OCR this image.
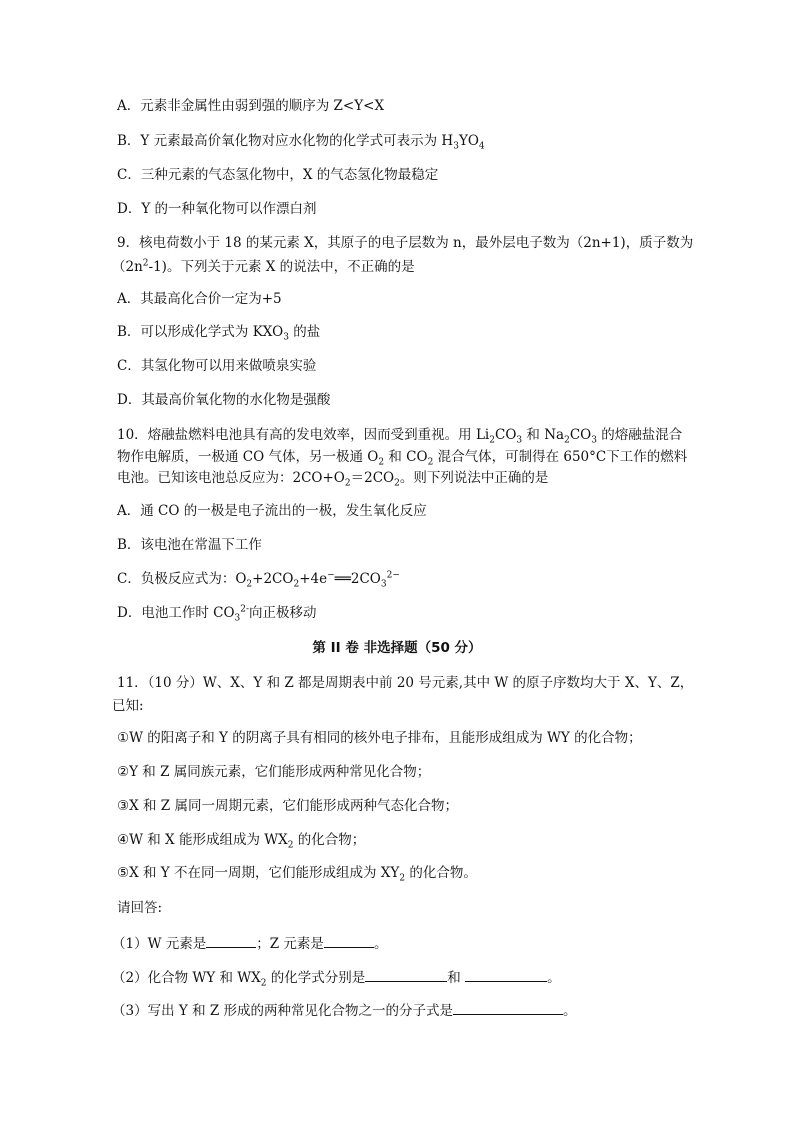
A．元素非金属性由弱到强的顺序为 Z<Y<X
B．Y 元素最高价氧化物对应水化物的化学式可表示为 $H_3YO_4$
C．三种元素的气态氢化物中，X 的气态氢化物最稳定
D．Y 的一种氧化物可以作漂白剂
9．核电荷数小于 18 的某元素 X，其原子的电子层数为 n，最外层电子数为（2n+1)，质子数为
$(2n^2-1)$。下列关于元素 X 的说法中，不正确的是
A．其最高化合价一定为+5
B．可以形成化学式为 $KXO_3$ 的盐
C．其氢化物可以用来做喷泉实验
D．其最高价氧化物的水化物是强酸
10．熔融盐燃料电池具有高的发电效率，因而受到重视。用 $Li_2CO_3$ 和 $Na_2CO_3$ 的熔融盐混合
物作电解质，一极通 CO 气体，另一极通 $O_2$ 和 $CO_2$ 混合气体，可制得在 650°C下工作的燃料
电池。已知该电池总反应为：$2CO+O_2=2CO_2$。则下列说法中正确的是
A．通 CO 的一极是电子流出的一极，发生氧化反应
B．该电池在常温下工作
C．负极反应式为：$O_2+2CO_2+4e^-══2CO_3^{2-}$
D．电池工作时 $CO_3^{2-}$向正极移动
第 II 卷 非选择题（50 分）
11．（10 分）W、X、Y 和 Z 都是周期表中前 20 号元素,其中 W 的原子序数均大于 X、Y、Z，
已知:
①W 的阳离子和 Y 的阴离子具有相同的核外电子排布，且能形成组成为 WY 的化合物；
②Y 和 Z 属同族元素，它们能形成两种常见化合物；
③X 和 Z 属同一周期元素，它们能形成两种气态化合物；
④W 和 X 能形成组成为 $WX_2$ 的化合物；
⑤X 和 Y 不在同一周期，它们能形成组成为 $XY_2$ 的化合物。
请回答:
（1）W 元素是	；Z 元素是	。
（2）化合物 WY 和 $WX_2$ 的化学式分别是	和	。
（3）写出 Y 和 Z 形成的两种常见化合物之一的分子式是	。
